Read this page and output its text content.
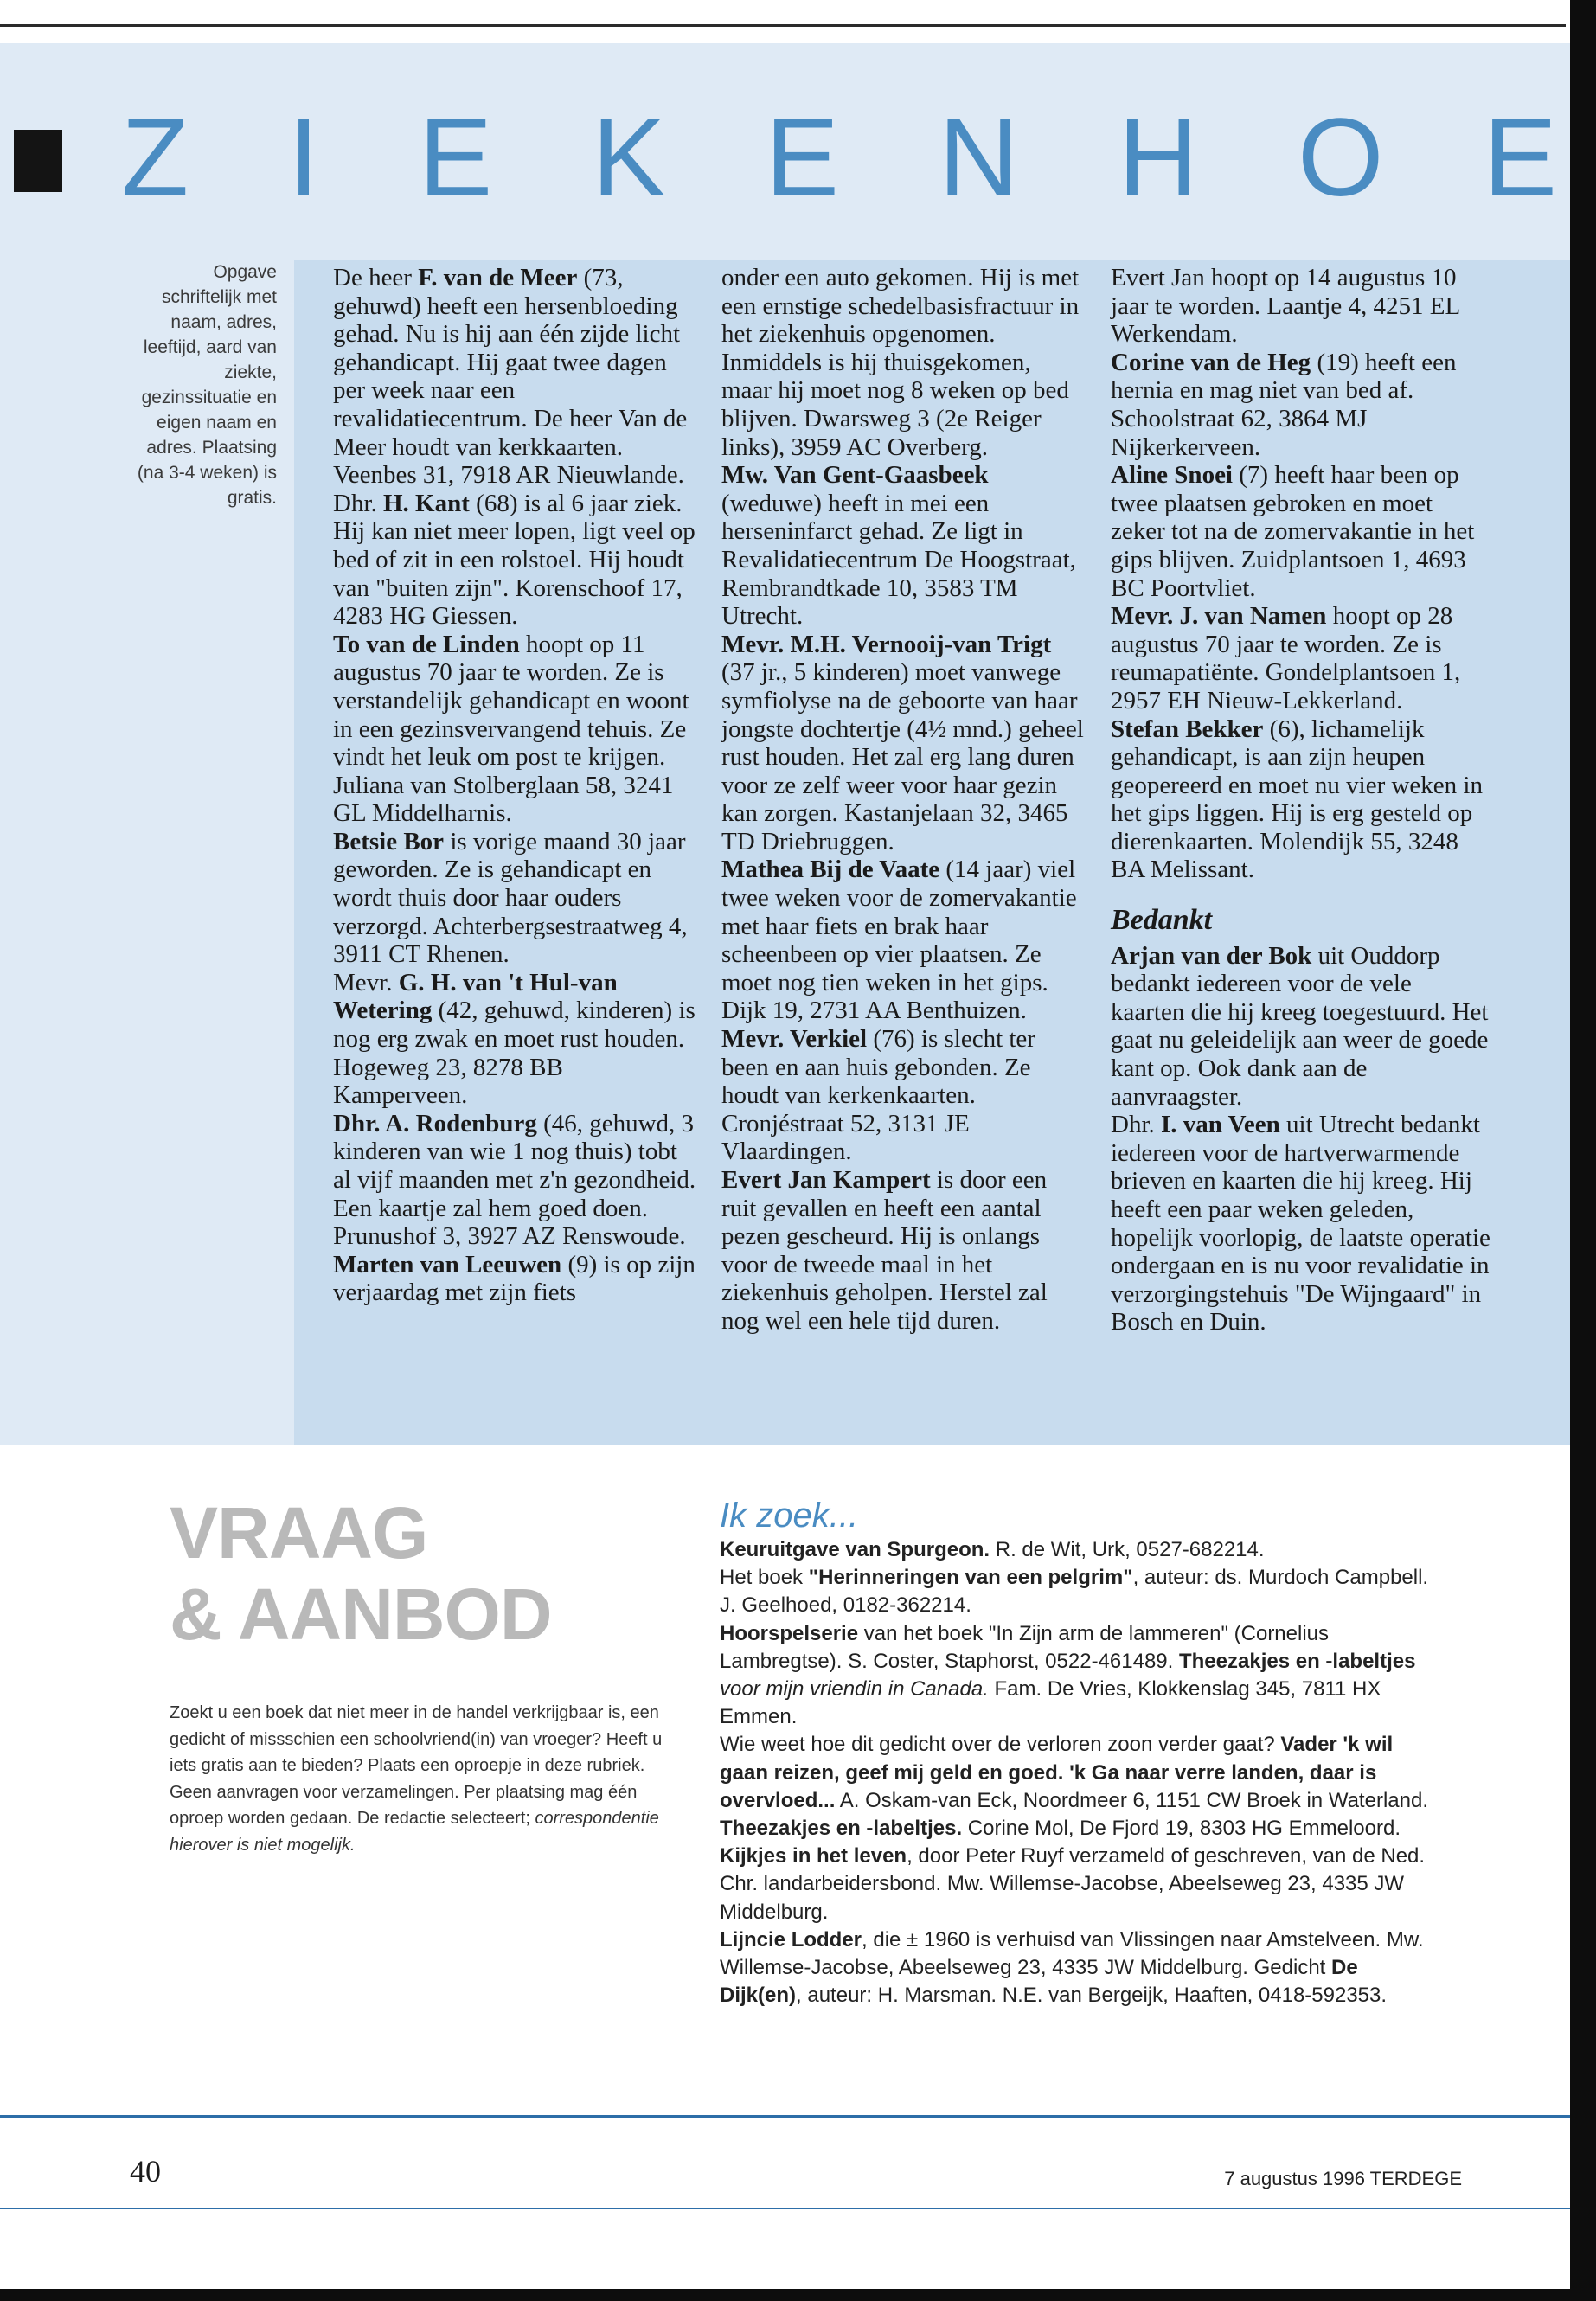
Z I E K E N H O E
Opgave schriftelijk met naam, adres, leeftijd, aard van ziekte, gezinssituatie en eigen naam en adres. Plaatsing (na 3-4 weken) is gratis.

De heer F. van de Meer (73, gehuwd) heeft een hersenbloeding gehad. Nu is hij aan één zijde licht gehandicapt. Hij gaat twee dagen per week naar een revalidatiecentrum. De heer Van de Meer houdt van kerkkaarten. Veenbes 31, 7918 AR Nieuwlande.

Dhr. H. Kant (68) is al 6 jaar ziek. Hij kan niet meer lopen, ligt veel op bed of zit in een rolstoel. Hij houdt van "buiten zijn". Korenschoof 17, 4283 HG Giessen.

To van de Linden hoopt op 11 augustus 70 jaar te worden. Ze is verstandelijk gehandicapt en woont in een gezinsvervangend tehuis. Ze vindt het leuk om post te krijgen. Juliana van Stolberglaan 58, 3241 GL Middelharnis.

Betsie Bor is vorige maand 30 jaar geworden. Ze is gehandicapt en wordt thuis door haar ouders verzorgd. Achterbergsestraatweg 4, 3911 CT Rhenen.

Mevr. G. H. van 't Hul-van Wetering (42, gehuwd, kinderen) is nog erg zwak en moet rust houden. Hogeweg 23, 8278 BB Kamperveen.

Dhr. A. Rodenburg (46, gehuwd, 3 kinderen van wie 1 nog thuis) tobt al vijf maanden met z'n gezondheid. Een kaartje zal hem goed doen. Prunushof 3, 3927 AZ Renswoude.

Marten van Leeuwen (9) is op zijn verjaardag met zijn fiets

onder een auto gekomen. Hij is met een ernstige schedelbasisfractuur in het ziekenhuis opgenomen. Inmiddels is hij thuisgekomen, maar hij moet nog 8 weken op bed blijven. Dwarsweg 3 (2e Reiger links), 3959 AC Overberg.

Mw. Van Gent-Gaasbeek (weduwe) heeft in mei een herseninfarct gehad. Ze ligt in Revalidatiecentrum De Hoogstraat, Rembrandtkade 10, 3583 TM Utrecht.

Mevr. M.H. Vernooij-van Trigt (37 jr., 5 kinderen) moet vanwege symfiolyse na de geboorte van haar jongste dochtertje (4½ mnd.) geheel rust houden. Het zal erg lang duren voor ze zelf weer voor haar gezin kan zorgen. Kastanjelaan 32, 3465 TD Driebruggen.

Mathea Bij de Vaate (14 jaar) viel twee weken voor de zomervakantie met haar fiets en brak haar scheenbeen op vier plaatsen. Ze moet nog tien weken in het gips. Dijk 19, 2731 AA Benthuizen.

Mevr. Verkiel (76) is slecht ter been en aan huis gebonden. Ze houdt van kerkenkaarten. Cronjéstraat 52, 3131 JE Vlaardingen.

Evert Jan Kampert is door een ruit gevallen en heeft een aantal pezen gescheurd. Hij is onlangs voor de tweede maal in het ziekenhuis geholpen. Herstel zal nog wel een hele tijd duren.

Evert Jan hoopt op 14 augustus 10 jaar te worden. Laantje 4, 4251 EL Werkendam.

Corine van de Heg (19) heeft een hernia en mag niet van bed af. Schoolstraat 62, 3864 MJ Nijkerkerveen.

Aline Snoei (7) heeft haar been op twee plaatsen gebroken en moet zeker tot na de zomervakantie in het gips blijven. Zuidplantsoen 1, 4693 BC Poortvliet.

Mevr. J. van Namen hoopt op 28 augustus 70 jaar te worden. Ze is reumapatiënte. Gondelplantsoen 1, 2957 EH Nieuw-Lekkerland.

Stefan Bekker (6), lichamelijk gehandicapt, is aan zijn heupen geopereerd en moet nu vier weken in het gips liggen. Hij is erg gesteld op dierenkaarten. Molendijk 55, 3248 BA Melissant.

Bedankt

Arjan van der Bok uit Ouddorp bedankt iedereen voor de vele kaarten die hij kreeg toegestuurd. Het gaat nu geleidelijk aan weer de goede kant op. Ook dank aan de aanvraagster.

Dhr. I. van Veen uit Utrecht bedankt iedereen voor de hartverwarmende brieven en kaarten die hij kreeg. Hij heeft een paar weken geleden, hopelijk voorlopig, de laatste operatie ondergaan en is nu voor revalidatie in verzorgingstehuis "De Wijngaard" in Bosch en Duin.

VRAAG
& AANBOD

Zoekt u een boek dat niet meer in de handel verkrijgbaar is, een gedicht of missschien een schoolvriend(in) van vroeger? Heeft u iets gratis aan te bieden? Plaats een oproepje in deze rubriek. Geen aanvragen voor verzamelingen. Per plaatsing mag één oproep worden gedaan. De redactie selecteert; correspondentie hierover is niet mogelijk.

Ik zoek...

Keuruitgave van Spurgeon. R. de Wit, Urk, 0527-682214.

Het boek "Herinneringen van een pelgrim", auteur: ds. Murdoch Campbell. J. Geelhoed, 0182-362214.

Hoorspelserie van het boek "In Zijn arm de lammeren" (Cornelius Lambregtse). S. Coster, Staphorst, 0522-461489. Theezakjes en -labeltjes voor mijn vriendin in Canada. Fam. De Vries, Klokkenslag 345, 7811 HX Emmen.

Wie weet hoe dit gedicht over de verloren zoon verder gaat? Vader 'k wil gaan reizen, geef mij geld en goed. 'k Ga naar verre landen, daar is overvloed... A. Oskam-van Eck, Noordmeer 6, 1151 CW Broek in Waterland.

Theezakjes en -labeltjes. Corine Mol, De Fjord 19, 8303 HG Emmeloord.

Kijkjes in het leven, door Peter Ruyf verzameld of geschreven, van de Ned. Chr. landarbeidersbond. Mw. Willemse-Jacobse, Abeelseweg 23, 4335 JW Middelburg.

Lijncie Lodder, die ± 1960 is verhuisd van Vlissingen naar Amstelveen. Mw. Willemse-Jacobse, Abeelseweg 23, 4335 JW Middelburg. Gedicht De Dijk(en), auteur: H. Marsman. N.E. van Bergeijk, Haaften, 0418-592353.

40	7 augustus 1996 TERDEGE
